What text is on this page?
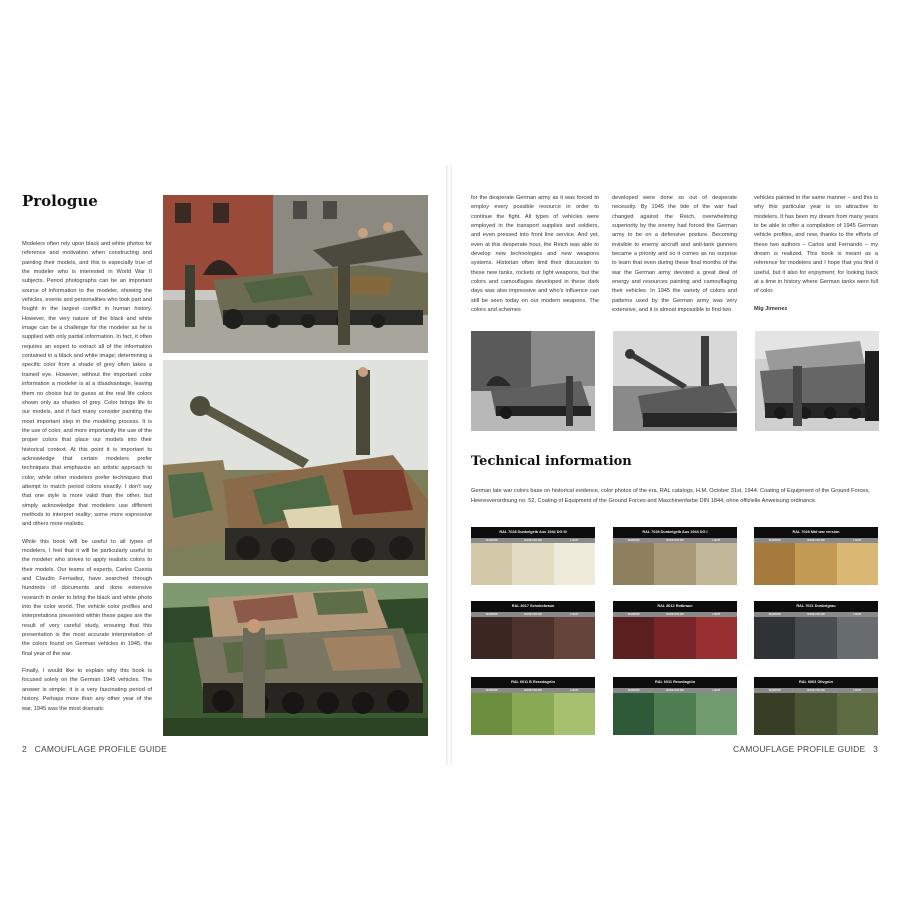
Prologue

Modelers often rely upon black and white photos for reference and motivation when constructing and painting their models, and this is especially true of the modeler who is interested in World War II subjects. Period photographs can be an important source of information to the modeler, showing the vehicles, events and personalities who took part and fought in the largest conflict in human history. However, the very nature of the black and white image can be a challenge for the modeler as he is supplied with only partial information. In fact, it often requires an expert to extract all of the information contained in a black and white image; determining a specific color from a shade of grey often takes a trained eye. However, without the important color information a modeler is at a disadvantage, leaving them no choice but to guess at the real life colors shown only as shades of grey. Color brings life to our models, and if fact many consider painting the most important step in the modeling process. It is the use of color, and more importantly the use of the proper colors that place our models into their historical context. At this point it is important to acknowledge that certain modelers prefer techniques that emphasize an artistic approach to color, while other modelers prefer techniques that attempt to match period colors exactly. I don't say that one style is more valid than the other, but simply acknowledge that modelers use different methods to interpret reality; some more expressive and others more realistic.

While this book will be useful to all types of modelers, I feel that it will be particularly useful to the modeler who strives to apply realistic colors to their models. Our teams of experts, Carlos Cuesta and Claudio Fernadez, have searched through hundreds of documents and done extensive research in order to bring the black and white photo into the color world. The vehicle color profiles and interpretations presented within these pages are the result of very careful study, ensuring that this presentation is the most accurate interpretation of the colors found on German vehicles in 1945, the final year of the war.

Finally, I would like to explain why this book is focused solely on the German 1945 vehicles. The answer is simple; it is a very fascinating period of history. Perhaps more than any other year of the war, 1945 was the most dramatic

2 CAMOUFLAGE PROFILE GUIDE

for the desperate German army as it was forced to employ every possible resource in order to continue the fight. All types of vehicles were employed in the transport supplies and soldiers, and even pressed into front line service. And yet, even at this desperate hour, the Reich was able to develop new technologies and new weapons systems. Historian often limit their discussion to these new tanks, rockets or light weapons, but the colors and camouflages developed in these dark days was also impressive and who's influence can still be seen today on our modern weapons. The colors and schemes

developed were done so out of desperate necessity. By 1945 the tide of the war had changed against the Reich, overwhelming superiority by the enemy had forced the German army to be on a defensive posture. Becoming invisible to enemy aircraft and anti-tank gunners became a priority and so it comes as no surprise to learn that even during these final months of the war the German army devoted a great deal of energy and resources painting and camouflaging their vehicles. In 1945 the variety of colors and patterns used by the German army was very extensive, and it is almost impossible to find two

vehicles painted in the same manner – and this is why this particular year is so attractive to modelers. It has been my dream from many years to be able to offer a compilation of 1945 German vehicle profiles, and now, thanks to the efforts of these two authors – Carlos and Fernando – my dream is realized. This book is meant as a reference for modelers and I hope that you find it useful, but it also for enjoyment; for looking back at a time in history where German tanks were full of color.

Mig Jimenez

Technical information
German late war colors base on historical evidence, color photos of the era, RAL catalogs, H.M. October 31st, 1944. Coating of Equipment of the Ground Forces, Heeresverordnung no. 52, Coating of Equipment of the Ground Forces and Maschinenfarbe DIN 1844, ohne offizielle Anweisung ordinance.
RAL 7028 Dunkelgelb Aus 1944 DG III
SHADOW	BASE COLOR	LIGHT
RAL 7028 Dunkelgelb Aus 1944 DG I
SHADOW	BASE COLOR	LIGHT
RAL 7028 Mid war version
SHADOW	BASE COLOR	LIGHT
RAL 8017 Schokobraun
SHADOW	BASE COLOR	LIGHT
RAL 8012 Rotbraun
SHADOW	BASE COLOR	LIGHT
RAL 7021 Dunkelgrau
SHADOW	BASE COLOR	LIGHT
RAL 6011 B Resedagrün
SHADOW	BASE COLOR	LIGHT
RAL 6011 Resedagrün
SHADOW	BASE COLOR	LIGHT
RAL 6003 Olivgrün
SHADOW	BASE COLOR	LIGHT
CAMOUFLAGE PROFILE GUIDE 3
